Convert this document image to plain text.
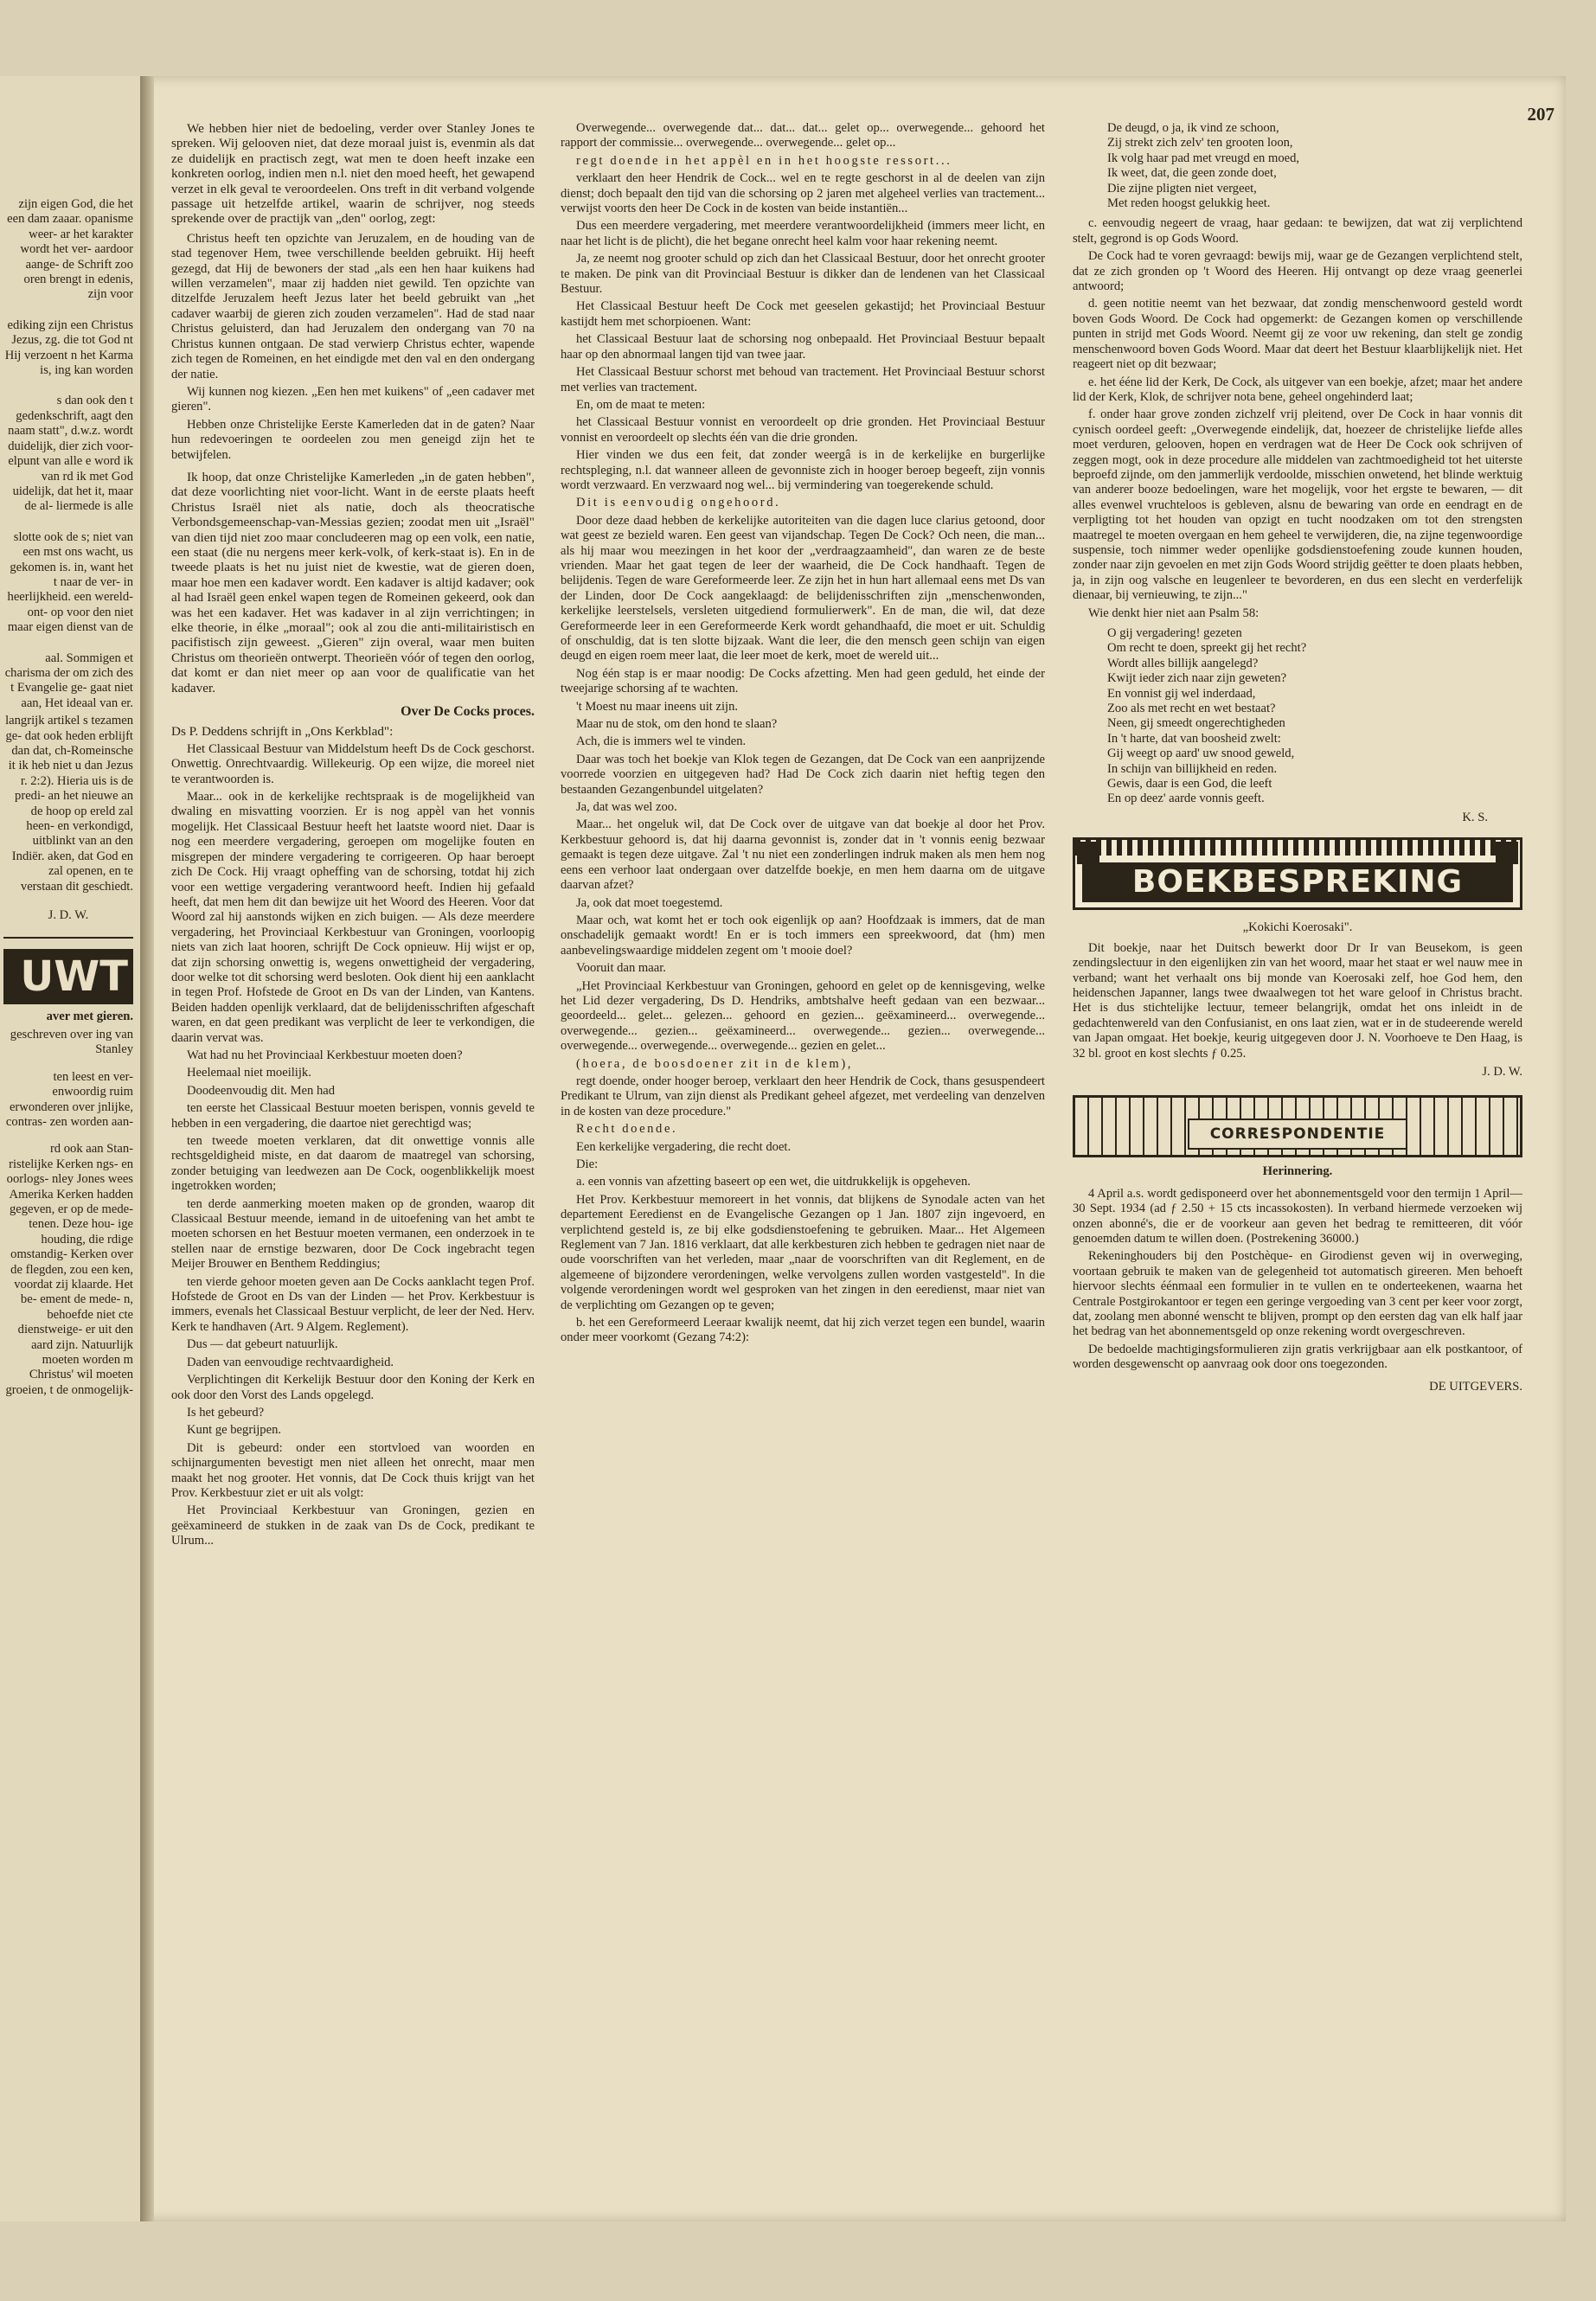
zijn eigen God, die het een dam zaaar. opanisme weer- ar het karakter wordt het ver- aardoor aange- de Schrift zoo oren brengt in edenis, zijn voor

ediking zijn een Christus Jezus, zg. die tot God nt Hij verzoent n het Karma is, ing kan worden

s dan ook den t gedenkschrift, aagt den naam statt", d.w.z. wordt duidelijk, dier zich voor- elpunt van alle e word ik van rd ik met God uidelijk, dat het it, maar de al- liermede is alle

slotte ook de s; niet van een mst ons wacht, us gekomen is. in, want het t naar de ver- in heerlijkheid. een wereld-ont- op voor den niet maar eigen dienst van de

aal. Sommigen et charisma der om zich des t Evangelie ge- gaat niet aan, Het ideaal van er.

langrijk artikel s tezamen ge- dat ook heden erblijft dan dat, ch-Romeinsche it ik heb niet u dan Jezus r. 2:2). Hieria uis is de predi- an het nieuwe an de hoop op ereld zal heen- en verkondigd, uitblinkt van an den Indiër. aken, dat God en zal openen, en te verstaan dit geschiedt.

J. D. W.

UWT

aver met gieren.

geschreven over ing van Stanley

ten leest en ver- enwoordig ruim erwonderen over jnlijke, contras- zen worden aan-

rd ook aan Stan- ristelijke Kerken ngs- en oorlogs- nley Jones wees Amerika Kerken hadden gegeven, er op de mede- tenen. Deze hou- ige houding, die rdige omstandig- Kerken over de flegden, zou een ken, voordat zij klaarde. Het be- ement de mede- n, behoefde niet cte dienstweige- er uit den aard zijn. Natuurlijk moeten worden m Christus' wil moeten groeien, t de onmogelijk-

207

We hebben hier niet de bedoeling, verder over Stanley Jones te spreken. Wij gelooven niet, dat deze moraal juist is, evenmin als dat ze duidelijk en practisch zegt, wat men te doen heeft inzake een konkreten oorlog, indien men n.l. niet den moed heeft, het gewapend verzet in elk geval te veroordeelen. Ons treft in dit verband volgende passage uit hetzelfde artikel, waarin de schrijver, nog steeds sprekende over de practijk van „den" oorlog, zegt:

Christus heeft ten opzichte van Jeruzalem, en de houding van de stad tegenover Hem, twee verschillende beelden gebruikt. Hij heeft gezegd, dat Hij de bewoners der stad „als een hen haar kuikens had willen verzamelen", maar zij hadden niet gewild. Ten opzichte van ditzelfde Jeruzalem heeft Jezus later het beeld gebruikt van „het cadaver waarbij de gieren zich zouden verzamelen". Had de stad naar Christus geluisterd, dan had Jeruzalem den ondergang van 70 na Christus kunnen ontgaan. De stad verwierp Christus echter, wapende zich tegen de Romeinen, en het eindigde met den val en den ondergang der natie.

Wij kunnen nog kiezen. „Een hen met kuikens" of „een cadaver met gieren".

Hebben onze Christelijke Eerste Kamerleden dat in de gaten? Naar hun redevoeringen te oordeelen zou men geneigd zijn het te betwijfelen.

Ik hoop, dat onze Christelijke Kamerleden „in de gaten hebben", dat deze voorlichting niet voor-licht. Want in de eerste plaats heeft Christus Israël niet als natie, doch als theocratische Verbondsgemeenschap-van-Messias gezien; zoodat men uit „Israël" van dien tijd niet zoo maar concludeeren mag op een volk, een natie, een staat (die nu nergens meer kerk-volk, of kerk-staat is). En in de tweede plaats is het nu juist niet de kwestie, wat de gieren doen, maar hoe men een kadaver wordt. Een kadaver is altijd kadaver; ook al had Israël geen enkel wapen tegen de Romeinen gekeerd, ook dan was het een kadaver. Het was kadaver in al zijn verrichtingen; in elke theorie, in élke „moraal"; ook al zou die anti-militairistisch en pacifistisch zijn geweest. „Gieren" zijn overal, waar men buiten Christus om theorieën ontwerpt. Theorieën vóór of tegen den oorlog, dat komt er dan niet meer op aan voor de qualificatie van het kadaver.

Over De Cocks proces.

Ds P. Deddens schrijft in „Ons Kerkblad":

Het Classicaal Bestuur van Middelstum heeft Ds de Cock geschorst. Onwettig. Onrechtvaardig. Willekeurig. Op een wijze, die moreel niet te verantwoorden is.

Maar... ook in de kerkelijke rechtspraak is de mogelijkheid van dwaling en misvatting voorzien. Er is nog appèl van het vonnis mogelijk. Het Classicaal Bestuur heeft het laatste woord niet. Daar is nog een meerdere vergadering, geroepen om mogelijke fouten en misgrepen der mindere vergadering te corrigeeren. Op haar beroept zich De Cock. Hij vraagt opheffing van de schorsing, totdat hij zich voor een wettige vergadering verantwoord heeft. Indien hij gefaald heeft, dat men hem dit dan bewijze uit het Woord des Heeren. Voor dat Woord zal hij aanstonds wijken en zich buigen. — Als deze meerdere vergadering, het Provinciaal Kerkbestuur van Groningen, voorloopig niets van zich laat hooren, schrijft De Cock opnieuw. Hij wijst er op, dat zijn schorsing onwettig is, wegens onwettigheid der vergadering, door welke tot dit schorsing werd besloten. Ook dient hij een aanklacht in tegen Prof. Hofstede de Groot en Ds van der Linden, van Kantens. Beiden hadden openlijk verklaard, dat de belijdenisschriften afgeschaft waren, en dat geen predikant was verplicht de leer te verkondigen, die daarin vervat was.

Wat had nu het Provinciaal Kerkbestuur moeten doen?

Heelemaal niet moeilijk.

Doodeenvoudig dit. Men had

ten eerste het Classicaal Bestuur moeten berispen, vonnis geveld te hebben in een vergadering, die daartoe niet gerechtigd was;

ten tweede moeten verklaren, dat dit onwettige vonnis alle rechtsgeldigheid miste, en dat daarom de maatregel van schorsing, zonder betuiging van leedwezen aan De Cock, oogenblikkelijk moest ingetrokken worden;

ten derde aanmerking moeten maken op de gronden, waarop dit Classicaal Bestuur meende, iemand in de uitoefening van het ambt te moeten schorsen en het Bestuur moeten vermanen, een onderzoek in te stellen naar de ernstige bezwaren, door De Cock ingebracht tegen Meijer Brouwer en Benthem Reddingius;

ten vierde gehoor moeten geven aan De Cocks aanklacht tegen Prof. Hofstede de Groot en Ds van der Linden — het Prov. Kerkbestuur is immers, evenals het Classicaal Bestuur verplicht, de leer der Ned. Herv. Kerk te handhaven (Art. 9 Algem. Reglement).

Dus — dat gebeurt natuurlijk.

Daden van eenvoudige rechtvaardigheid.

Verplichtingen dit Kerkelijk Bestuur door den Koning der Kerk en ook door den Vorst des Lands opgelegd.

Is het gebeurd?

Kunt ge begrijpen.

Dit is gebeurd: onder een stortvloed van woorden en schijnargumenten bevestigt men niet alleen het onrecht, maar men maakt het nog grooter. Het vonnis, dat De Cock thuis krijgt van het Prov. Kerkbestuur ziet er uit als volgt:

Het Provinciaal Kerkbestuur van Groningen, gezien en geëxamineerd de stukken in de zaak van Ds de Cock, predikant te Ulrum...

Overwegende... overwegende dat... dat... dat... gelet op... overwegende... gehoord het rapport der commissie... overwegende... overwegende... gelet op...

regt doende in het appèl en in het hoogste ressort...

verklaart den heer Hendrik de Cock... wel en te regte geschorst in al de deelen van zijn dienst; doch bepaalt den tijd van die schorsing op 2 jaren met algeheel verlies van tractement... verwijst voorts den heer De Cock in de kosten van beide instantiën...

Dus een meerdere vergadering, met meerdere verantwoordelijkheid (immers meer licht, en naar het licht is de plicht), die het begane onrecht heel kalm voor haar rekening neemt.

Ja, ze neemt nog grooter schuld op zich dan het Classicaal Bestuur, door het onrecht grooter te maken. De pink van dit Provinciaal Bestuur is dikker dan de lendenen van het Classicaal Bestuur.

Het Classicaal Bestuur heeft De Cock met geeselen gekastijd; het Provinciaal Bestuur kastijdt hem met schorpioenen. Want:

het Classicaal Bestuur laat de schorsing nog onbepaald. Het Provinciaal Bestuur bepaalt haar op den abnormaal langen tijd van twee jaar.

Het Classicaal Bestuur schorst met behoud van tractement. Het Provinciaal Bestuur schorst met verlies van tractement.

En, om de maat te meten:

het Classicaal Bestuur vonnist en veroordeelt op drie gronden. Het Provinciaal Bestuur vonnist en veroordeelt op slechts één van die drie gronden.

Hier vinden we dus een feit, dat zonder weergâ is in de kerkelijke en burgerlijke rechtspleging, n.l. dat wanneer alleen de gevonniste zich in hooger beroep begeeft, zijn vonnis wordt verzwaard. En verzwaard nog wel... bij vermindering van toegerekende schuld.

Dit is eenvoudig ongehoord.

Door deze daad hebben de kerkelijke autoriteiten van die dagen luce clarius getoond, door wat geest ze bezield waren. Een geest van vijandschap. Tegen De Cock? Och neen, die man... als hij maar wou meezingen in het koor der „verdraagzaamheid", dan waren ze de beste vrienden. Maar het gaat tegen de leer der waarheid, die De Cock handhaaft. Tegen de belijdenis. Tegen de ware Gereformeerde leer. Ze zijn het in hun hart allemaal eens met Ds van der Linden, door De Cock aangeklaagd: de belijdenisschriften zijn „menschenwonden, kerkelijke leerstelsels, versleten uitgediend formulierwerk". En de man, die wil, dat deze Gereformeerde leer in een Gereformeerde Kerk wordt gehandhaafd, die moet er uit. Schuldig of onschuldig, dat is ten slotte bijzaak. Want die leer, die den mensch geen schijn van eigen deugd en eigen roem meer laat, die leer moet de kerk, moet de wereld uit...

Nog één stap is er maar noodig: De Cocks afzetting. Men had geen geduld, het einde der tweejarige schorsing af te wachten.

't Moest nu maar ineens uit zijn.

Maar nu de stok, om den hond te slaan?

Ach, die is immers wel te vinden.

Daar was toch het boekje van Klok tegen de Gezangen, dat De Cock van een aanprijzende voorrede voorzien en uitgegeven had? Had De Cock zich daarin niet heftig tegen den bestaanden Gezangenbundel uitgelaten?

Ja, dat was wel zoo.

Maar... het ongeluk wil, dat De Cock over de uitgave van dat boekje al door het Prov. Kerkbestuur gehoord is, dat hij daarna gevonnist is, zonder dat in 't vonnis eenig bezwaar gemaakt is tegen deze uitgave. Zal 't nu niet een zonderlingen indruk maken als men hem nog eens een verhoor laat ondergaan over datzelfde boekje, en men hem daarna om de uitgave daarvan afzet?

Ja, ook dat moet toegestemd.

Maar och, wat komt het er toch ook eigenlijk op aan? Hoofdzaak is immers, dat de man onschadelijk gemaakt wordt! En er is toch immers een spreekwoord, dat (hm) men aanbevelingswaardige middelen zegent om 't mooie doel?

Vooruit dan maar.

„Het Provinciaal Kerkbestuur van Groningen, gehoord en gelet op de kennisgeving, welke het Lid dezer vergadering, Ds D. Hendriks, ambtshalve heeft gedaan van een bezwaar... geoordeeld... gelet... gelezen... gehoord en gezien... geëxamineerd... overwegende... overwegende... gezien... geëxamineerd... overwegende... gezien... overwegende... overwegende... overwegende... overwegende... gezien en gelet...

(hoera, de boosdoener zit in de klem),

regt doende, onder hooger beroep, verklaart den heer Hendrik de Cock, thans gesuspendeert Predikant te Ulrum, van zijn dienst als Predikant geheel afgezet, met verdeeling van denzelven in de kosten van deze procedure."

Recht doende.

Een kerkelijke vergadering, die recht doet.

Die:

a. een vonnis van afzetting baseert op een wet, die uitdrukkelijk is opgeheven.

Het Prov. Kerkbestuur memoreert in het vonnis, dat blijkens de Synodale acten van het departement Eeredienst en de Evangelische Gezangen op 1 Jan. 1807 zijn ingevoerd, en verplichtend gesteld is, ze bij elke godsdienstoefening te gebruiken. Maar... Het Algemeen Reglement van 7 Jan. 1816 verklaart, dat alle kerkbesturen zich hebben te gedragen niet naar de oude voorschriften van het verleden, maar „naar de voorschriften van dit Reglement, en de algemeene of bijzondere verordeningen, welke vervolgens zullen worden vastgesteld". In die volgende verordeningen wordt wel gesproken van het zingen in den eeredienst, maar niet van de verplichting om Gezangen op te geven;

b. het een Gereformeerd Leeraar kwalijk neemt, dat hij zich verzet tegen een bundel, waarin onder meer voorkomt (Gezang 74:2):

De deugd, o ja, ik vind ze schoon,
Zij strekt zich zelv' ten grooten loon,
Ik volg haar pad met vreugd en moed,
Ik weet, dat, die geen zonde doet,
Die zijne pligten niet vergeet,
Met reden hoogst gelukkig heet.

c. eenvoudig negeert de vraag, haar gedaan: te bewijzen, dat wat zij verplichtend stelt, gegrond is op Gods Woord.

De Cock had te voren gevraagd: bewijs mij, waar ge de Gezangen verplichtend stelt, dat ze zich gronden op 't Woord des Heeren. Hij ontvangt op deze vraag geenerlei antwoord;

d. geen notitie neemt van het bezwaar, dat zondig menschenwoord gesteld wordt boven Gods Woord. De Cock had opgemerkt: de Gezangen komen op verschillende punten in strijd met Gods Woord. Neemt gij ze voor uw rekening, dan stelt ge zondig menschenwoord boven Gods Woord. Maar dat deert het Bestuur klaarblijkelijk niet. Het reageert niet op dit bezwaar;

e. het ééne lid der Kerk, De Cock, als uitgever van een boekje, afzet; maar het andere lid der Kerk, Klok, de schrijver nota bene, geheel ongehinderd laat;

f. onder haar grove zonden zichzelf vrij pleitend, over De Cock in haar vonnis dit cynisch oordeel geeft: „Overwegende eindelijk, dat, hoezeer de christelijke liefde alles moet verduren, gelooven, hopen en verdragen wat de Heer De Cock ook schrijven of zeggen mogt, ook in deze procedure alle middelen van zachtmoedigheid tot het uiterste beproefd zijnde, om den jammerlijk verdoolde, misschien onwetend, het blinde werktuig van anderer booze bedoelingen, ware het mogelijk, voor het ergste te bewaren, — dit alles evenwel vruchteloos is gebleven, alsnu de bewaring van orde en eendragt en de verpligting tot het houden van opzigt en tucht noodzaken om tot den strengsten maatregel te moeten overgaan en hem geheel te verwijderen, die, na zijne tegenwoordige suspensie, toch nimmer weder openlijke godsdienstoefening zoude kunnen houden, zonder naar zijn gevoelen en met zijn Gods Woord strijdig geëtter te doen plaats hebben, ja, in zijn oog valsche en leugenleer te bevorderen, en dus een slecht en verderfelijk dienaar, bij vernieuwing, te zijn..."

Wie denkt hier niet aan Psalm 58:

O gij vergadering! gezeten
Om recht te doen, spreekt gij het recht?
Wordt alles billijk aangelegd?
Kwijt ieder zich naar zijn geweten?
En vonnist gij wel inderdaad,
Zoo als met recht en wet bestaat?
Neen, gij smeedt ongerechtigheden
In 't harte, dat van boosheid zwelt:
Gij weegt op aard' uw snood geweld,
In schijn van billijkheid en reden.
Gewis, daar is een God, die leeft
En op deez' aarde vonnis geeft.

K. S.

BOEKBESPREKING

„Kokichi Koerosaki".

Dit boekje, naar het Duitsch bewerkt door Dr Ir van Beusekom, is geen zendingslectuur in den eigenlijken zin van het woord, maar het staat er wel nauw mee in verband; want het verhaalt ons bij monde van Koerosaki zelf, hoe God hem, den heidenschen Japanner, langs twee dwaalwegen tot het ware geloof in Christus bracht. Het is dus stichtelijke lectuur, temeer belangrijk, omdat het ons inleidt in de gedachtenwereld van den Confusianist, en ons laat zien, wat er in de studeerende wereld van Japan omgaat. Het boekje, keurig uitgegeven door J. N. Voorhoeve te Den Haag, is 32 bl. groot en kost slechts ƒ 0.25.

J. D. W.

CORRESPONDENTIE

Herinnering.

4 April a.s. wordt gedisponeerd over het abonnementsgeld voor den termijn 1 April—30 Sept. 1934 (ad ƒ 2.50 + 15 cts incassokosten). In verband hiermede verzoeken wij onzen abonné's, die er de voorkeur aan geven het bedrag te remitteeren, dit vóór genoemden datum te willen doen. (Postrekening 36000.)

Rekeninghouders bij den Postchèque- en Girodienst geven wij in overweging, voortaan gebruik te maken van de gelegenheid tot automatisch gireeren. Men behoeft hiervoor slechts éénmaal een formulier in te vullen en te onderteekenen, waarna het Centrale Postgirokantoor er tegen een geringe vergoeding van 3 cent per keer voor zorgt, dat, zoolang men abonné wenscht te blijven, prompt op den eersten dag van elk half jaar het bedrag van het abonnementsgeld op onze rekening wordt overgeschreven.

De bedoelde machtigingsformulieren zijn gratis verkrijgbaar aan elk postkantoor, of worden desgewenscht op aanvraag ook door ons toegezonden.

DE UITGEVERS.
